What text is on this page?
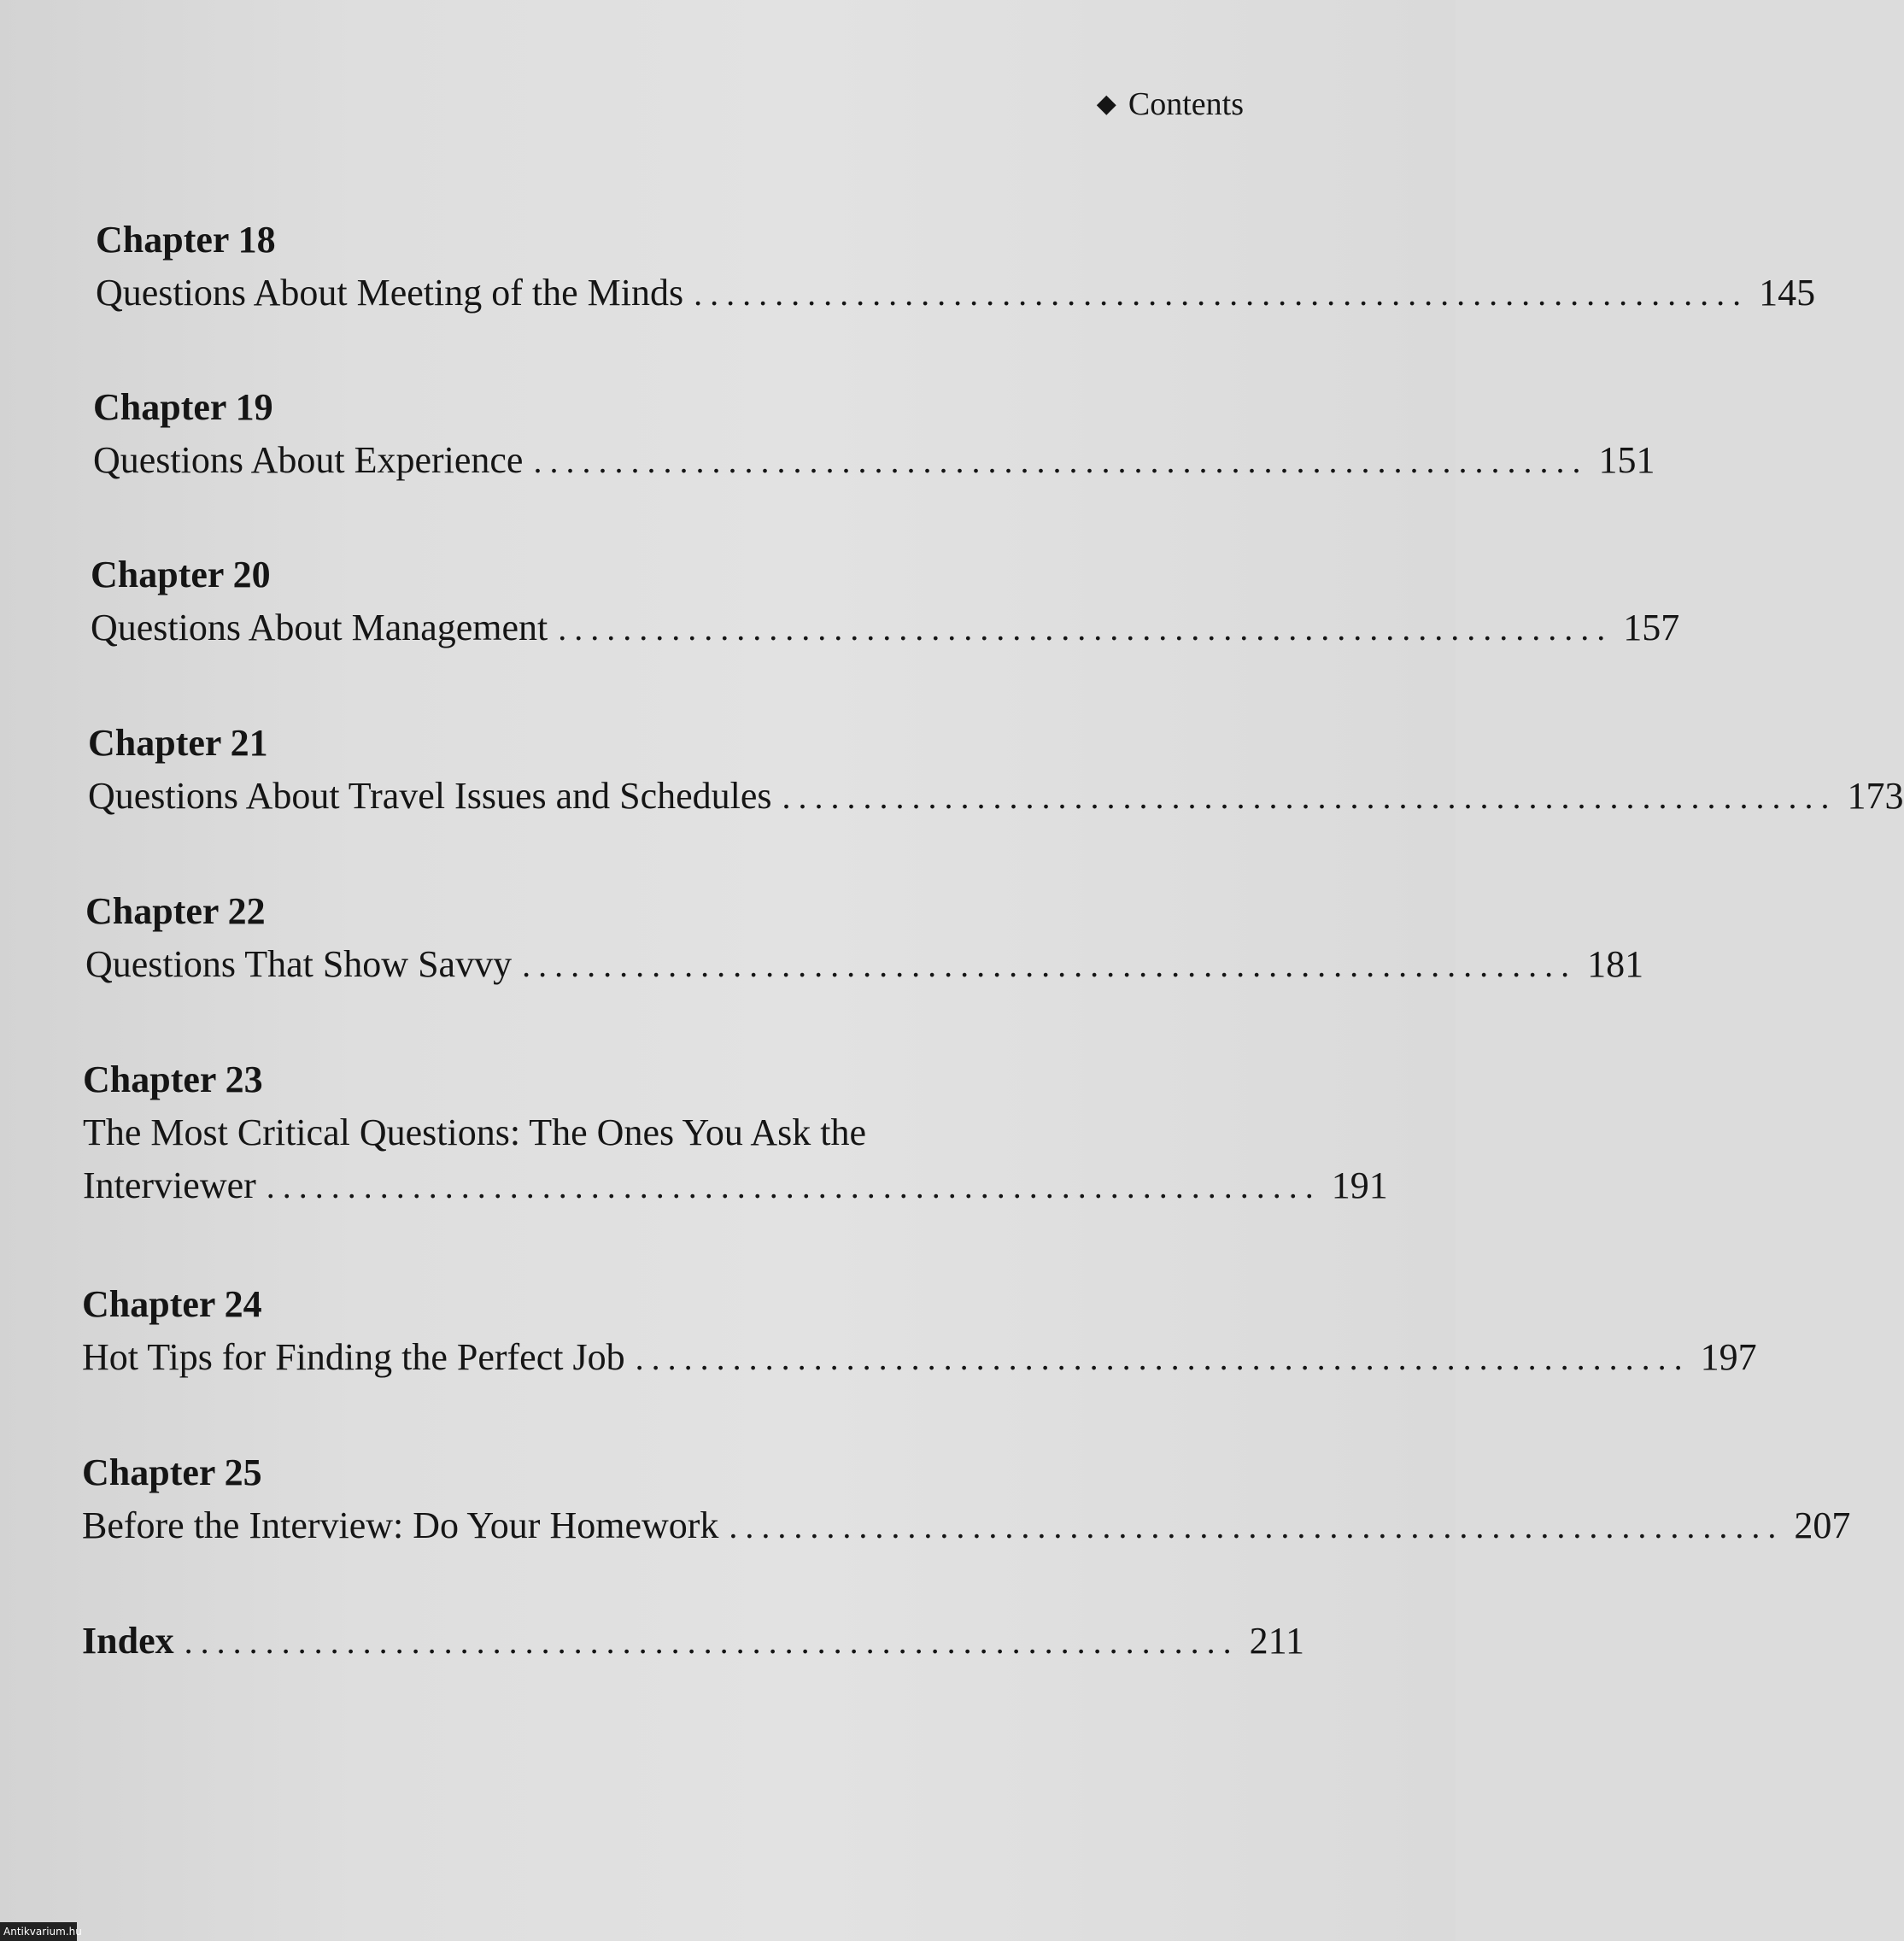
◆ Contents
Chapter 18
Questions About Meeting of the Minds ................................................................. 145
Chapter 19
Questions About Experience ................................................................. 151
Chapter 20
Questions About Management ................................................................. 157
Chapter 21
Questions About Travel Issues and Schedules ................................................................. 173
Chapter 22
Questions That Show Savvy ................................................................. 181
Chapter 23
The Most Critical Questions: The Ones You Ask the
Interviewer ................................................................. 191
Chapter 24
Hot Tips for Finding the Perfect Job ................................................................. 197
Chapter 25
Before the Interview: Do Your Homework ................................................................. 207
Index ................................................................. 211
Antikvarium.hu
